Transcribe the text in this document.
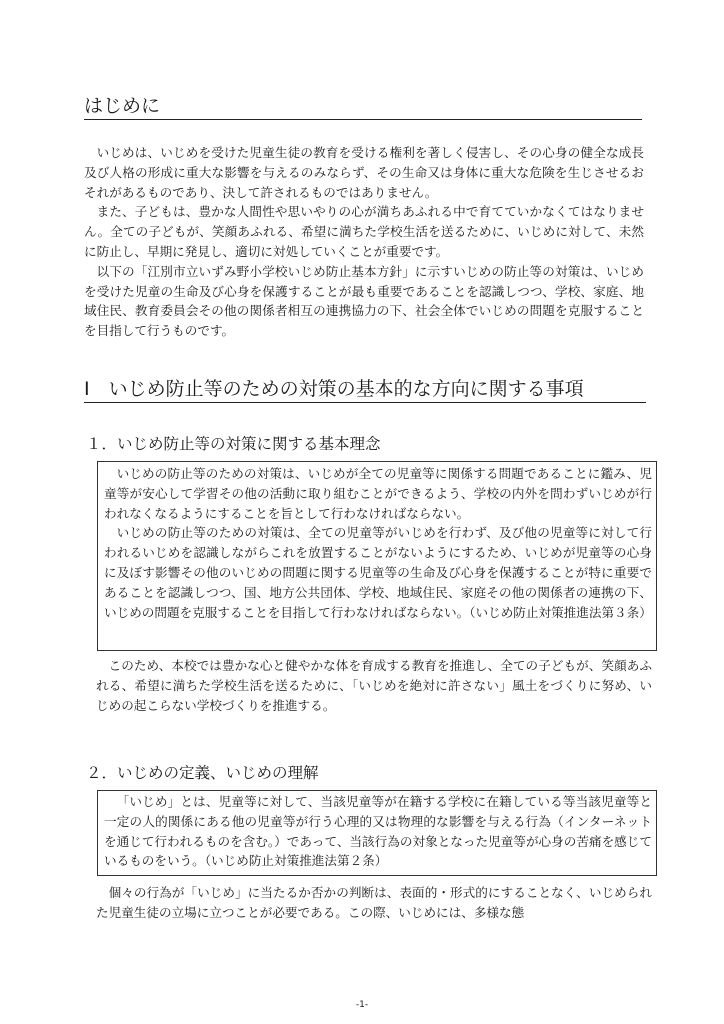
はじめに

いじめは、いじめを受けた児童生徒の教育を受ける権利を著しく侵害し、その心身の健全な成長及び人格の形成に重大な影響を与えるのみならず、その生命又は身体に重大な危険を生じさせるおそれがあるものであり、決して許されるものではありません。

また、子どもは、豊かな人間性や思いやりの心が満ちあふれる中で育てていかなくてはなりません。全ての子どもが、笑顔あふれる、希望に満ちた学校生活を送るために、いじめに対して、未然に防止し、早期に発見し、適切に対処していくことが重要です。

以下の「江別市立いずみ野小学校いじめ防止基本方針」に示すいじめの防止等の対策は、いじめを受けた児童の生命及び心身を保護することが最も重要であることを認識しつつ、学校、家庭、地域住民、教育委員会その他の関係者相互の連携協力の下、社会全体でいじめの問題を克服することを目指して行うものです。

Ⅰ　いじめ防止等のための対策の基本的な方向に関する事項
１．いじめ防止等の対策に関する基本理念

いじめの防止等のための対策は、いじめが全ての児童等に関係する問題であることに鑑み、児童等が安心して学習その他の活動に取り組むことができるよう、学校の内外を問わずいじめが行われなくなるようにすることを旨として行わなければならない。

いじめの防止等のための対策は、全ての児童等がいじめを行わず、及び他の児童等に対して行われるいじめを認識しながらこれを放置することがないようにするため、いじめが児童等の心身に及ぼす影響その他のいじめの問題に関する児童等の生命及び心身を保護することが特に重要であることを認識しつつ、国、地方公共団体、学校、地域住民、家庭その他の関係者の連携の下、いじめの問題を克服することを目指して行わなければならない。（いじめ防止対策推進法第３条）

このため、本校では豊かな心と健やかな体を育成する教育を推進し、全ての子どもが、笑顔あふれる、希望に満ちた学校生活を送るために、「いじめを絶対に許さない」風土をづくりに努め、いじめの起こらない学校づくりを推進する。

２．いじめの定義、いじめの理解

「いじめ」とは、児童等に対して、当該児童等が在籍する学校に在籍している等当該児童等と一定の人的関係にある他の児童等が行う心理的又は物理的な影響を与える行為（インターネットを通じて行われるものを含む。）であって、当該行為の対象となった児童等が心身の苦痛を感じているものをいう。（いじめ防止対策推進法第２条）

個々の行為が「いじめ」に当たるか否かの判断は、表面的・形式的にすることなく、いじめられた児童生徒の立場に立つことが必要である。この際、いじめには、多様な態

-1-
